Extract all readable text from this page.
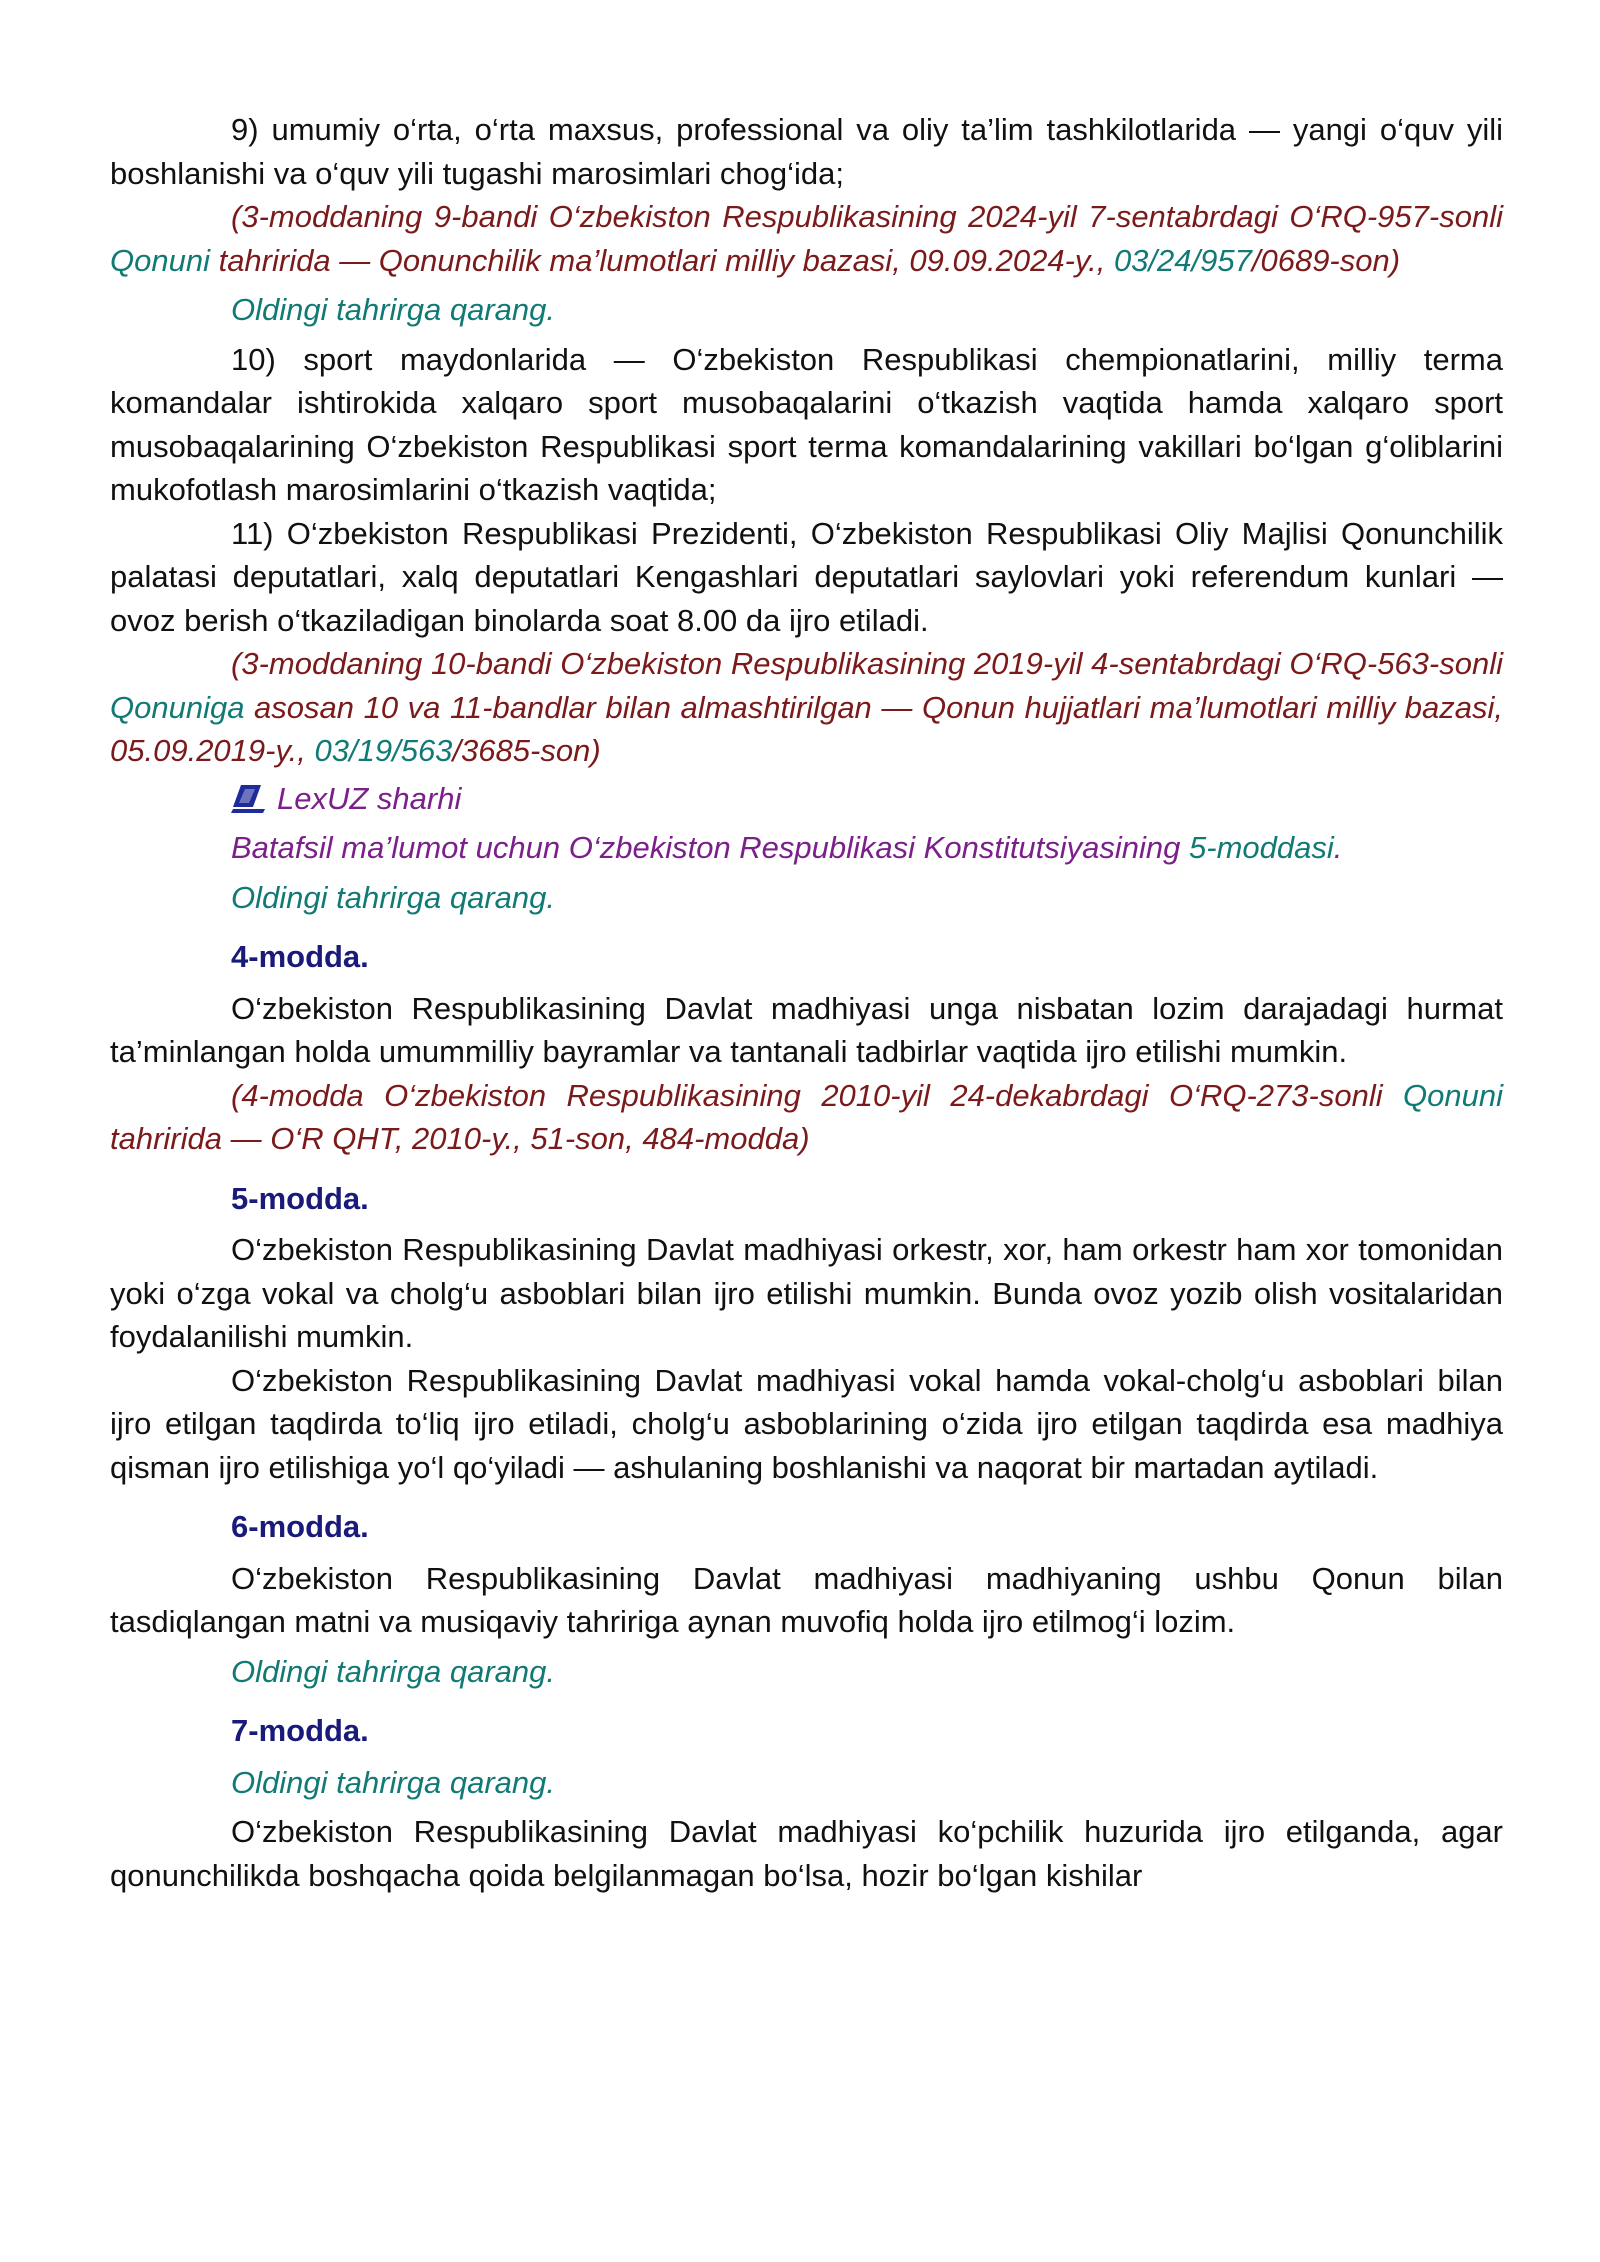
9) umumiy o‘rta, o‘rta maxsus, professional va oliy ta’lim tashkilotlarida — yangi o‘quv yili boshlanishi va o‘quv yili tugashi marosimlari chog‘ida;

(3-moddaning 9-bandi O‘zbekiston Respublikasining 2024-yil 7-sentabrdagi O‘RQ-957-sonli Qonuni tahririda — Qonunchilik ma’lumotlari milliy bazasi, 09.09.2024-y., 03/24/957/0689-son)

Oldingi tahrirga qarang.

10) sport maydonlarida — O‘zbekiston Respublikasi chempionatlarini, milliy terma komandalar ishtirokida xalqaro sport musobaqalarini o‘tkazish vaqtida hamda xalqaro sport musobaqalarining O‘zbekiston Respublikasi sport terma komandalarining vakillari bo‘lgan g‘oliblarini mukofotlash marosimlarini o‘tkazish vaqtida;

11) O‘zbekiston Respublikasi Prezidenti, O‘zbekiston Respublikasi Oliy Majlisi Qonunchilik palatasi deputatlari, xalq deputatlari Kengashlari deputatlari saylovlari yoki referendum kunlari — ovoz berish o‘tkaziladigan binolarda soat 8.00 da ijro etiladi.

(3-moddaning 10-bandi O‘zbekiston Respublikasining 2019-yil 4-sentabrdagi O‘RQ-563-sonli Qonuniga asosan 10 va 11-bandlar bilan almashtirilgan — Qonun hujjatlari ma’lumotlari milliy bazasi, 05.09.2019-y., 03/19/563/3685-son)

LexUZ sharhi
Batafsil ma’lumot uchun O‘zbekiston Respublikasi Konstitutsiyasining 5-moddasi.
Oldingi tahrirga qarang.
4-modda.

O‘zbekiston Respublikasining Davlat madhiyasi unga nisbatan lozim darajadagi hurmat ta’minlangan holda umummilliy bayramlar va tantanali tadbirlar vaqtida ijro etilishi mumkin.

(4-modda O‘zbekiston Respublikasining 2010-yil 24-dekabrdagi O‘RQ-273-sonli Qonuni tahririda — O‘R QHT, 2010-y., 51-son, 484-modda)

5-modda.

O‘zbekiston Respublikasining Davlat madhiyasi orkestr, xor, ham orkestr ham xor tomonidan yoki o‘zga vokal va cholg‘u asboblari bilan ijro etilishi mumkin. Bunda ovoz yozib olish vositalaridan foydalanilishi mumkin.

O‘zbekiston Respublikasining Davlat madhiyasi vokal hamda vokal-cholg‘u asboblari bilan ijro etilgan taqdirda to‘liq ijro etiladi, cholg‘u asboblarining o‘zida ijro etilgan taqdirda esa madhiya qisman ijro etilishiga yo‘l qo‘yiladi — ashulaning boshlanishi va naqorat bir martadan aytiladi.

6-modda.

O‘zbekiston Respublikasining Davlat madhiyasi madhiyaning ushbu Qonun bilan tasdiqlangan matni va musiqaviy tahririga aynan muvofiq holda ijro etilmog‘i lozim.

Oldingi tahrirga qarang.
7-modda.
Oldingi tahrirga qarang.

O‘zbekiston Respublikasining Davlat madhiyasi ko‘pchilik huzurida ijro etilganda, agar qonunchilikda boshqacha qoida belgilanmagan bo‘lsa, hozir bo‘lgan kishilar
